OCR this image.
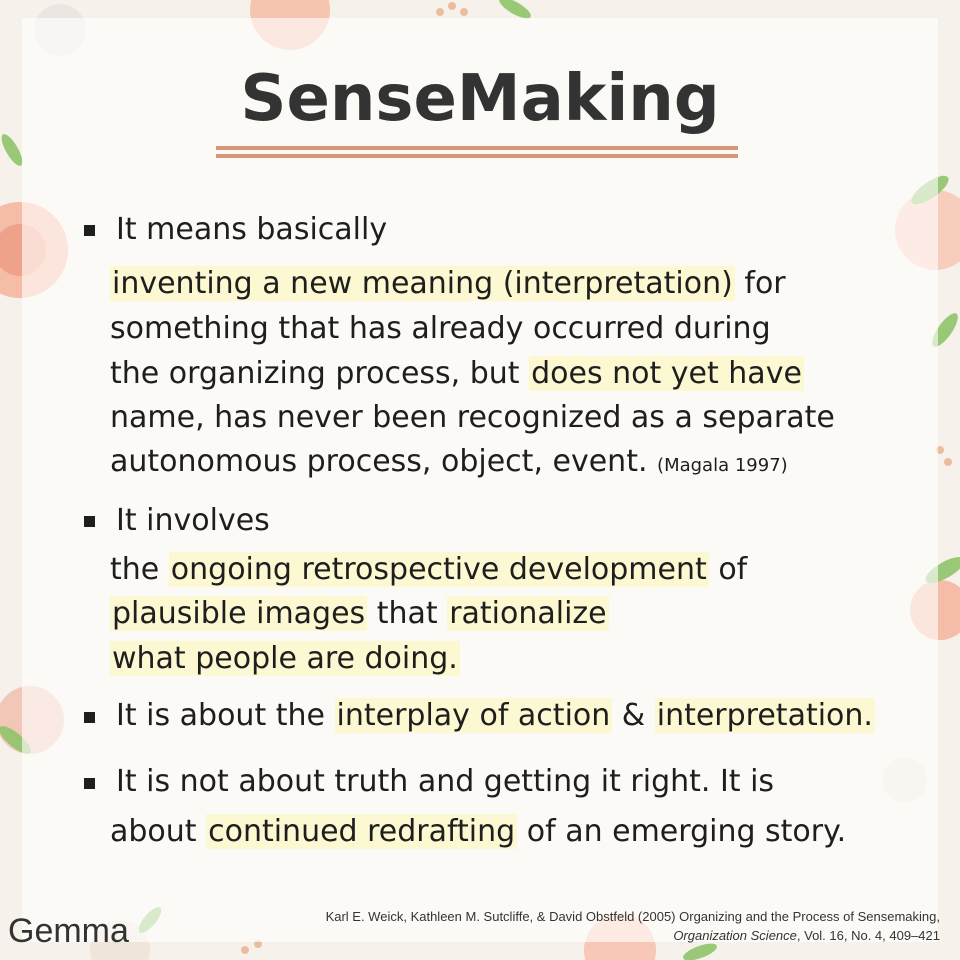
SenseMaking
It means basically
inventing a new meaning (interpretation) for
something that has already occurred during
the organizing process, but does not yet have
name, has never been recognized as a separate
autonomous process, object, event. (Magala 1997)
It involves
the ongoing retrospective development of
plausible images that rationalize
what people are doing.
It is about the interplay of action & interpretation.
It is not about truth and getting it right. It is
about continued redrafting of an emerging story.
Karl E. Weick, Kathleen M. Sutcliffe, & David Obstfeld (2005) Organizing and the Process of Sensemaking,
Organization Science, Vol. 16, No. 4, 409–421
Gemma
